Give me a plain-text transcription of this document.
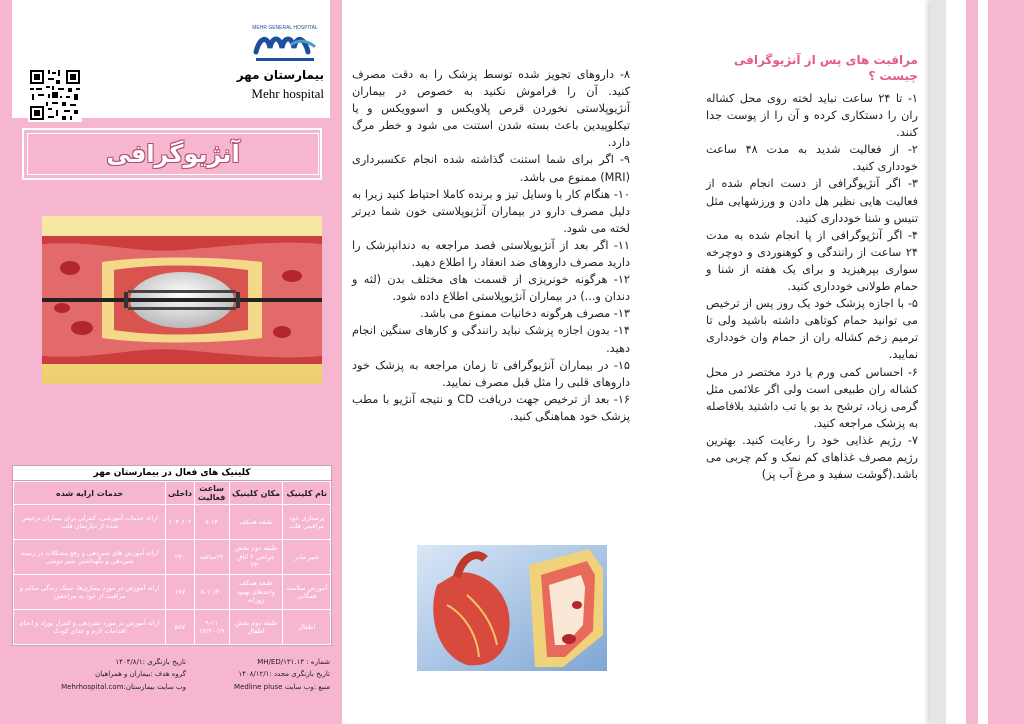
MEHR GENERAL HOSPITAL
بیمارستان مهر
Mehr hospital
آنژیوگرافی
کلینیک های فعال در بیمارستان مهر
نام کلینیک	مکان کلینیک	ساعت فعالیت	داخلی	خدمات ارایه شده
پرستاری خود مراقبتی قلب	طبقه همکف	۷-۱۴	۶۰۲ ۶۰۳	ارائه خدمات آموزشی، کنترلی برای بیماران ترخیص شده از دپارتمان قلب
شیر مادر	طبقه دوم بخش جراحی ۲ اتاق ۲۳۰	۲۲ساعته	۲۳۰	ارائه آموزش های شیردهی و رفع مشکلات در زمینه شیردهی و نگهداشتن شیر دوشی
آموزش سلامت همگانی	طبقه همکف واحدهای بهبود روزانه	۸-۱۰/۳۰	۱۷۷	ارائه آموزش در مورد بیماری‌ها، سبک زندگی سالم و مراقبت از خود به مراجعین
اطفال	طبقه دوم بخش اطفال	۹-۱۱ ۱۷/۳۰-۱۹	۵۸۷	ارائه آموزش در مورد شیردهی و کنترل نوزاد و انجام اقدامات لازم و غذای کودک
شماره : MH/ED/۱۳۱.۱۴
تاریخ بازنگری مجدد :۱۴۰۸/۱۲/۱
منبع :وب سایت Medline pluse
تاریخ بازنگری :۱۴۰۴/۸/۱
گروه هدف :بیماران و همراهیان
وب سایت بیمارستان:Mehrhospital.com

۸- داروهای تجویز شده توسط پزشک را به دقت مصرف کنید. آن را فراموش نکنید به خصوص در بیماران آنژیوپلاستی نخوردن قرص پلاویکس و اسوویکس و یا تیکلوپیدین باعث بسته شدن استنت می شود و خطر مرگ دارد.

۹- اگر برای شما استنت گذاشته شده انجام عکسبرداری (MRI) ممنوع می باشد.

۱۰- هنگام کار با وسایل تیز و برنده کاملا احتیاط کنید زیرا به دلیل مصرف دارو در بیماران آنژیوپلاستی خون شما دیرتر لخته می شود.

۱۱- اگر بعد از آنژیوپلاستی قصد مراجعه به دندانپزشک را دارید مصرف داروهای ضد انعقاد را اطلاع دهید.

۱۲- هرگونه خونریزی از قسمت های مختلف بدن (لثه و دندان و...) در بیماران آنژیوپلاستی اطلاع داده شود.

۱۳- مصرف هرگونه دخانیات ممنوع می باشد.

۱۴- بدون اجازه پزشک نباید رانندگی و کارهای سنگین انجام دهید.

۱۵- در بیماران آنژیوگرافی تا زمان مراجعه به پزشک خود داروهای قلبی را مثل قبل مصرف نمایید.

۱۶- بعد از ترخیص جهت دریافت CD و نتیجه آنژیو با مطب پزشک خود هماهنگی کنید.

مراقبت های پس از آنژیوگرافی چیست ؟

۱- تا ۲۴ ساعت نباید لخته روی محل کشاله ران را دستکاری کرده و آن را از پوست جدا کنند.

۲- از فعالیت شدید به مدت ۴۸ ساعت خودداری کنید.

۳- اگر آنژیوگرافی از دست انجام شده از فعالیت هایی نظیر هل دادن و ورزشهایی مثل تنیس و شنا خودداری کنید.

۴- اگر آنژیوگرافی از پا انجام شده به مدت ۲۴ ساعت از رانندگی و کوهنوردی و دوچرخه سواری بپرهیزید و برای یک هفته از شنا و حمام طولانی خودداری کنید.

۵- با اجازه پزشک خود یک روز پس از ترخیص می توانید حمام کوتاهی داشته باشید ولی تا ترمیم زخم کشاله ران از حمام وان خودداری نمایید.

۶- احساس کمی ورم یا درد مختصر در محل کشاله ران طبیعی است ولی اگر علائمی مثل گرمی زیاد، ترشح بد بو یا تب داشتید بلافاصله به پزشک مراجعه کنید.

۷- رژیم غذایی خود را رعایت کنید. بهترین رژیم مصرف غذاهای کم نمک و کم چربی می باشد.(گوشت سفید و مرغ آب پز)
